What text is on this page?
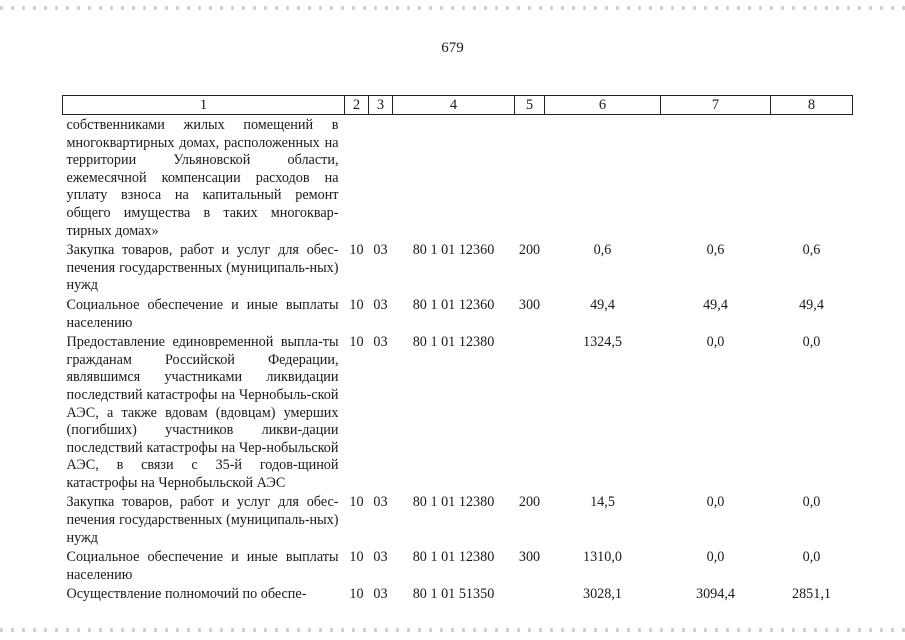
679
1	2	3	4	5	6	7	8
собственниками жилых помещений в многоквартирных домах, расположенных на территории Ульяновской области, ежемесячной компенсации расходов на уплату взноса на капитальный ремонт общего имущества в таких многоквар-тирных домах»							
Закупка товаров, работ и услуг для обес-печения государственных (муниципаль-ных) нужд	10	03	80 1 01 12360	200	0,6	0,6	0,6
Социальное обеспечение и иные выплаты населению	10	03	80 1 01 12360	300	49,4	49,4	49,4
Предоставление единовременной выпла-ты гражданам Российской Федерации, являвшимся участниками ликвидации последствий катастрофы на Чернобыль-ской АЭС, а также вдовам (вдовцам) умерших (погибших) участников ликви-дации последствий катастрофы на Чер-нобыльской АЭС, в связи с 35-й годов-щиной катастрофы на Чернобыльской АЭС	10	03	80 1 01 12380		1324,5	0,0	0,0
Закупка товаров, работ и услуг для обес-печения государственных (муниципаль-ных) нужд	10	03	80 1 01 12380	200	14,5	0,0	0,0
Социальное обеспечение и иные выплаты населению	10	03	80 1 01 12380	300	1310,0	0,0	0,0
Осуществление полномочий по обеспе-	10	03	80 1 01 51350		3028,1	3094,4	2851,1
